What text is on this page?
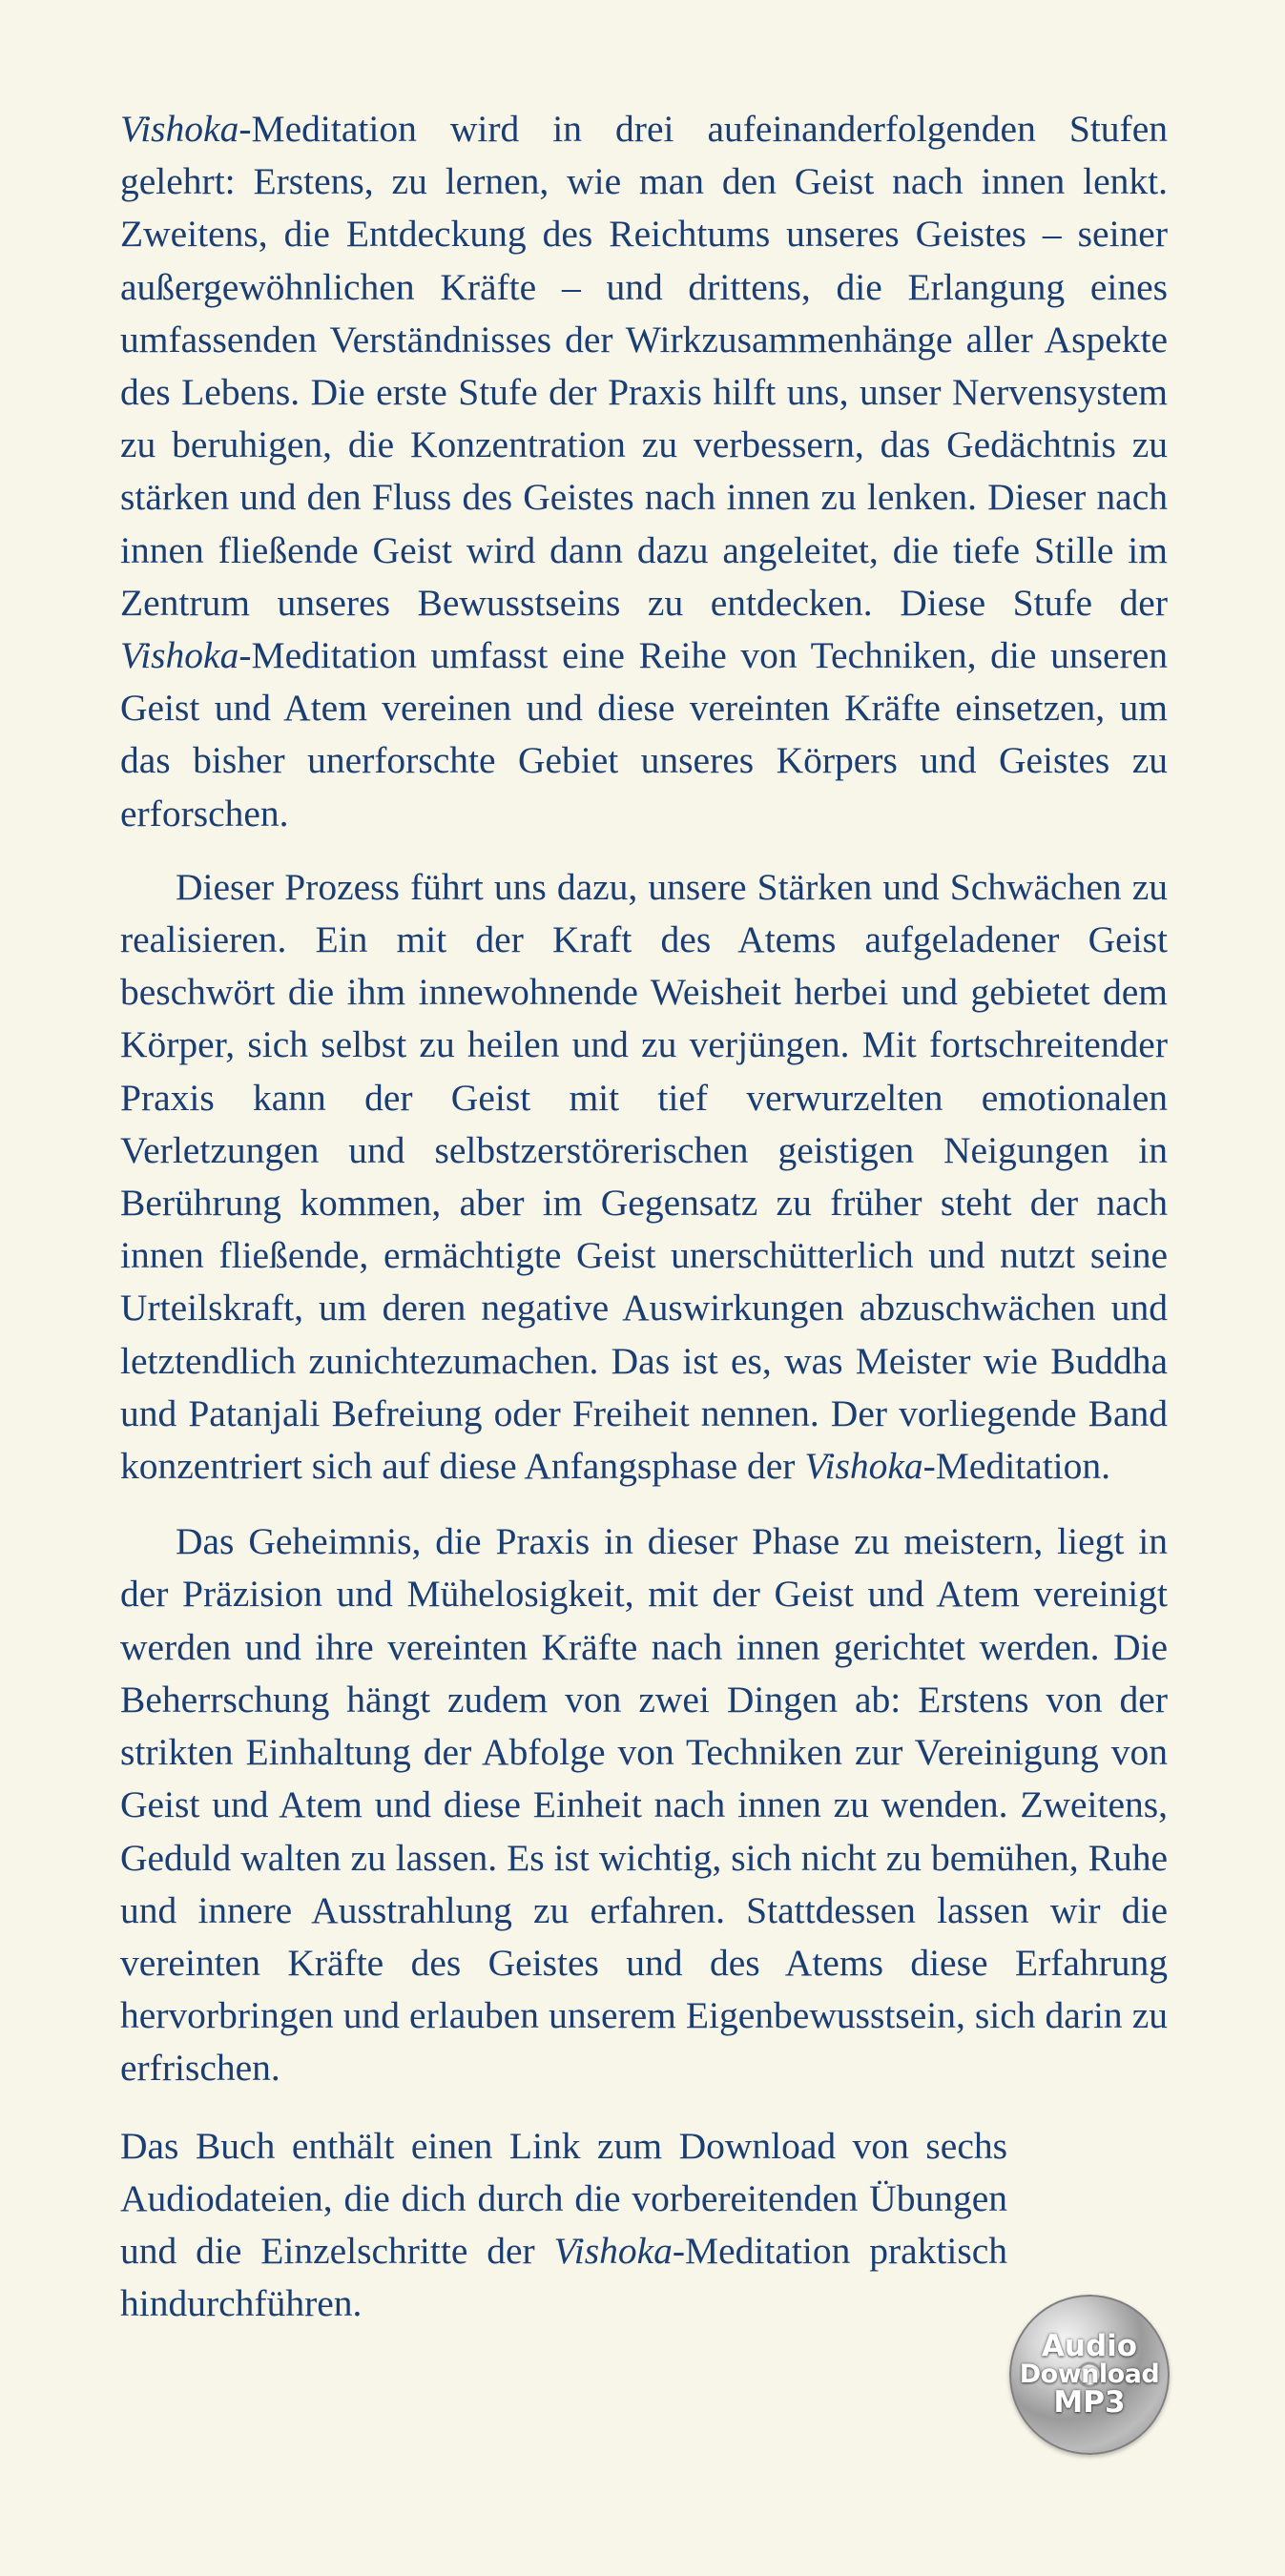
Vishoka-Meditation wird in drei aufeinanderfolgenden Stufen gelehrt: Erstens, zu lernen, wie man den Geist nach innen lenkt. Zweitens, die Entdeckung des Reichtums unseres Geistes – seiner außergewöhnlichen Kräfte – und drittens, die Erlangung eines umfassenden Verständnisses der Wirkzusammenhänge aller Aspekte des Lebens. Die erste Stufe der Praxis hilft uns, unser Nervensystem zu beruhigen, die Konzentration zu verbessern, das Gedächtnis zu stärken und den Fluss des Geistes nach innen zu lenken. Dieser nach innen fließende Geist wird dann dazu angeleitet, die tiefe Stille im Zentrum unseres Bewusstseins zu entdecken. Diese Stufe der Vishoka-Meditation umfasst eine Reihe von Techniken, die unseren Geist und Atem vereinen und diese vereinten Kräfte einsetzen, um das bisher unerforschte Gebiet unseres Körpers und Geistes zu erforschen.

Dieser Prozess führt uns dazu, unsere Stärken und Schwächen zu realisieren. Ein mit der Kraft des Atems aufgeladener Geist beschwört die ihm innewohnende Weisheit herbei und gebietet dem Körper, sich selbst zu heilen und zu verjüngen. Mit fortschreitender Praxis kann der Geist mit tief verwurzelten emotionalen Verletzungen und selbstzerstörerischen geistigen Neigungen in Berührung kommen, aber im Gegensatz zu früher steht der nach innen fließende, ermächtigte Geist unerschütterlich und nutzt seine Urteilskraft, um deren negative Auswirkungen abzuschwächen und letztendlich zunichtezumachen. Das ist es, was Meister wie Buddha und Patanjali Befreiung oder Freiheit nennen. Der vorliegende Band konzentriert sich auf diese Anfangsphase der Vishoka-Meditation.

Das Geheimnis, die Praxis in dieser Phase zu meistern, liegt in der Präzision und Mühelosigkeit, mit der Geist und Atem vereinigt werden und ihre vereinten Kräfte nach innen gerichtet werden. Die Beherrschung hängt zudem von zwei Dingen ab: Erstens von der strikten Einhaltung der Abfolge von Techniken zur Vereinigung von Geist und Atem und diese Einheit nach innen zu wenden. Zweitens, Geduld walten zu lassen. Es ist wichtig, sich nicht zu bemühen, Ruhe und innere Ausstrahlung zu erfahren. Stattdessen lassen wir die vereinten Kräfte des Geistes und des Atems diese Erfahrung hervorbringen und erlauben unserem Eigenbewusstsein, sich darin zu erfrischen.

Das Buch enthält einen Link zum Download von sechs Audiodateien, die dich durch die vorbereitenden Übungen und die Einzelschritte der Vishoka-Meditation praktisch hindurchführen.

Audio
Download
MP3
